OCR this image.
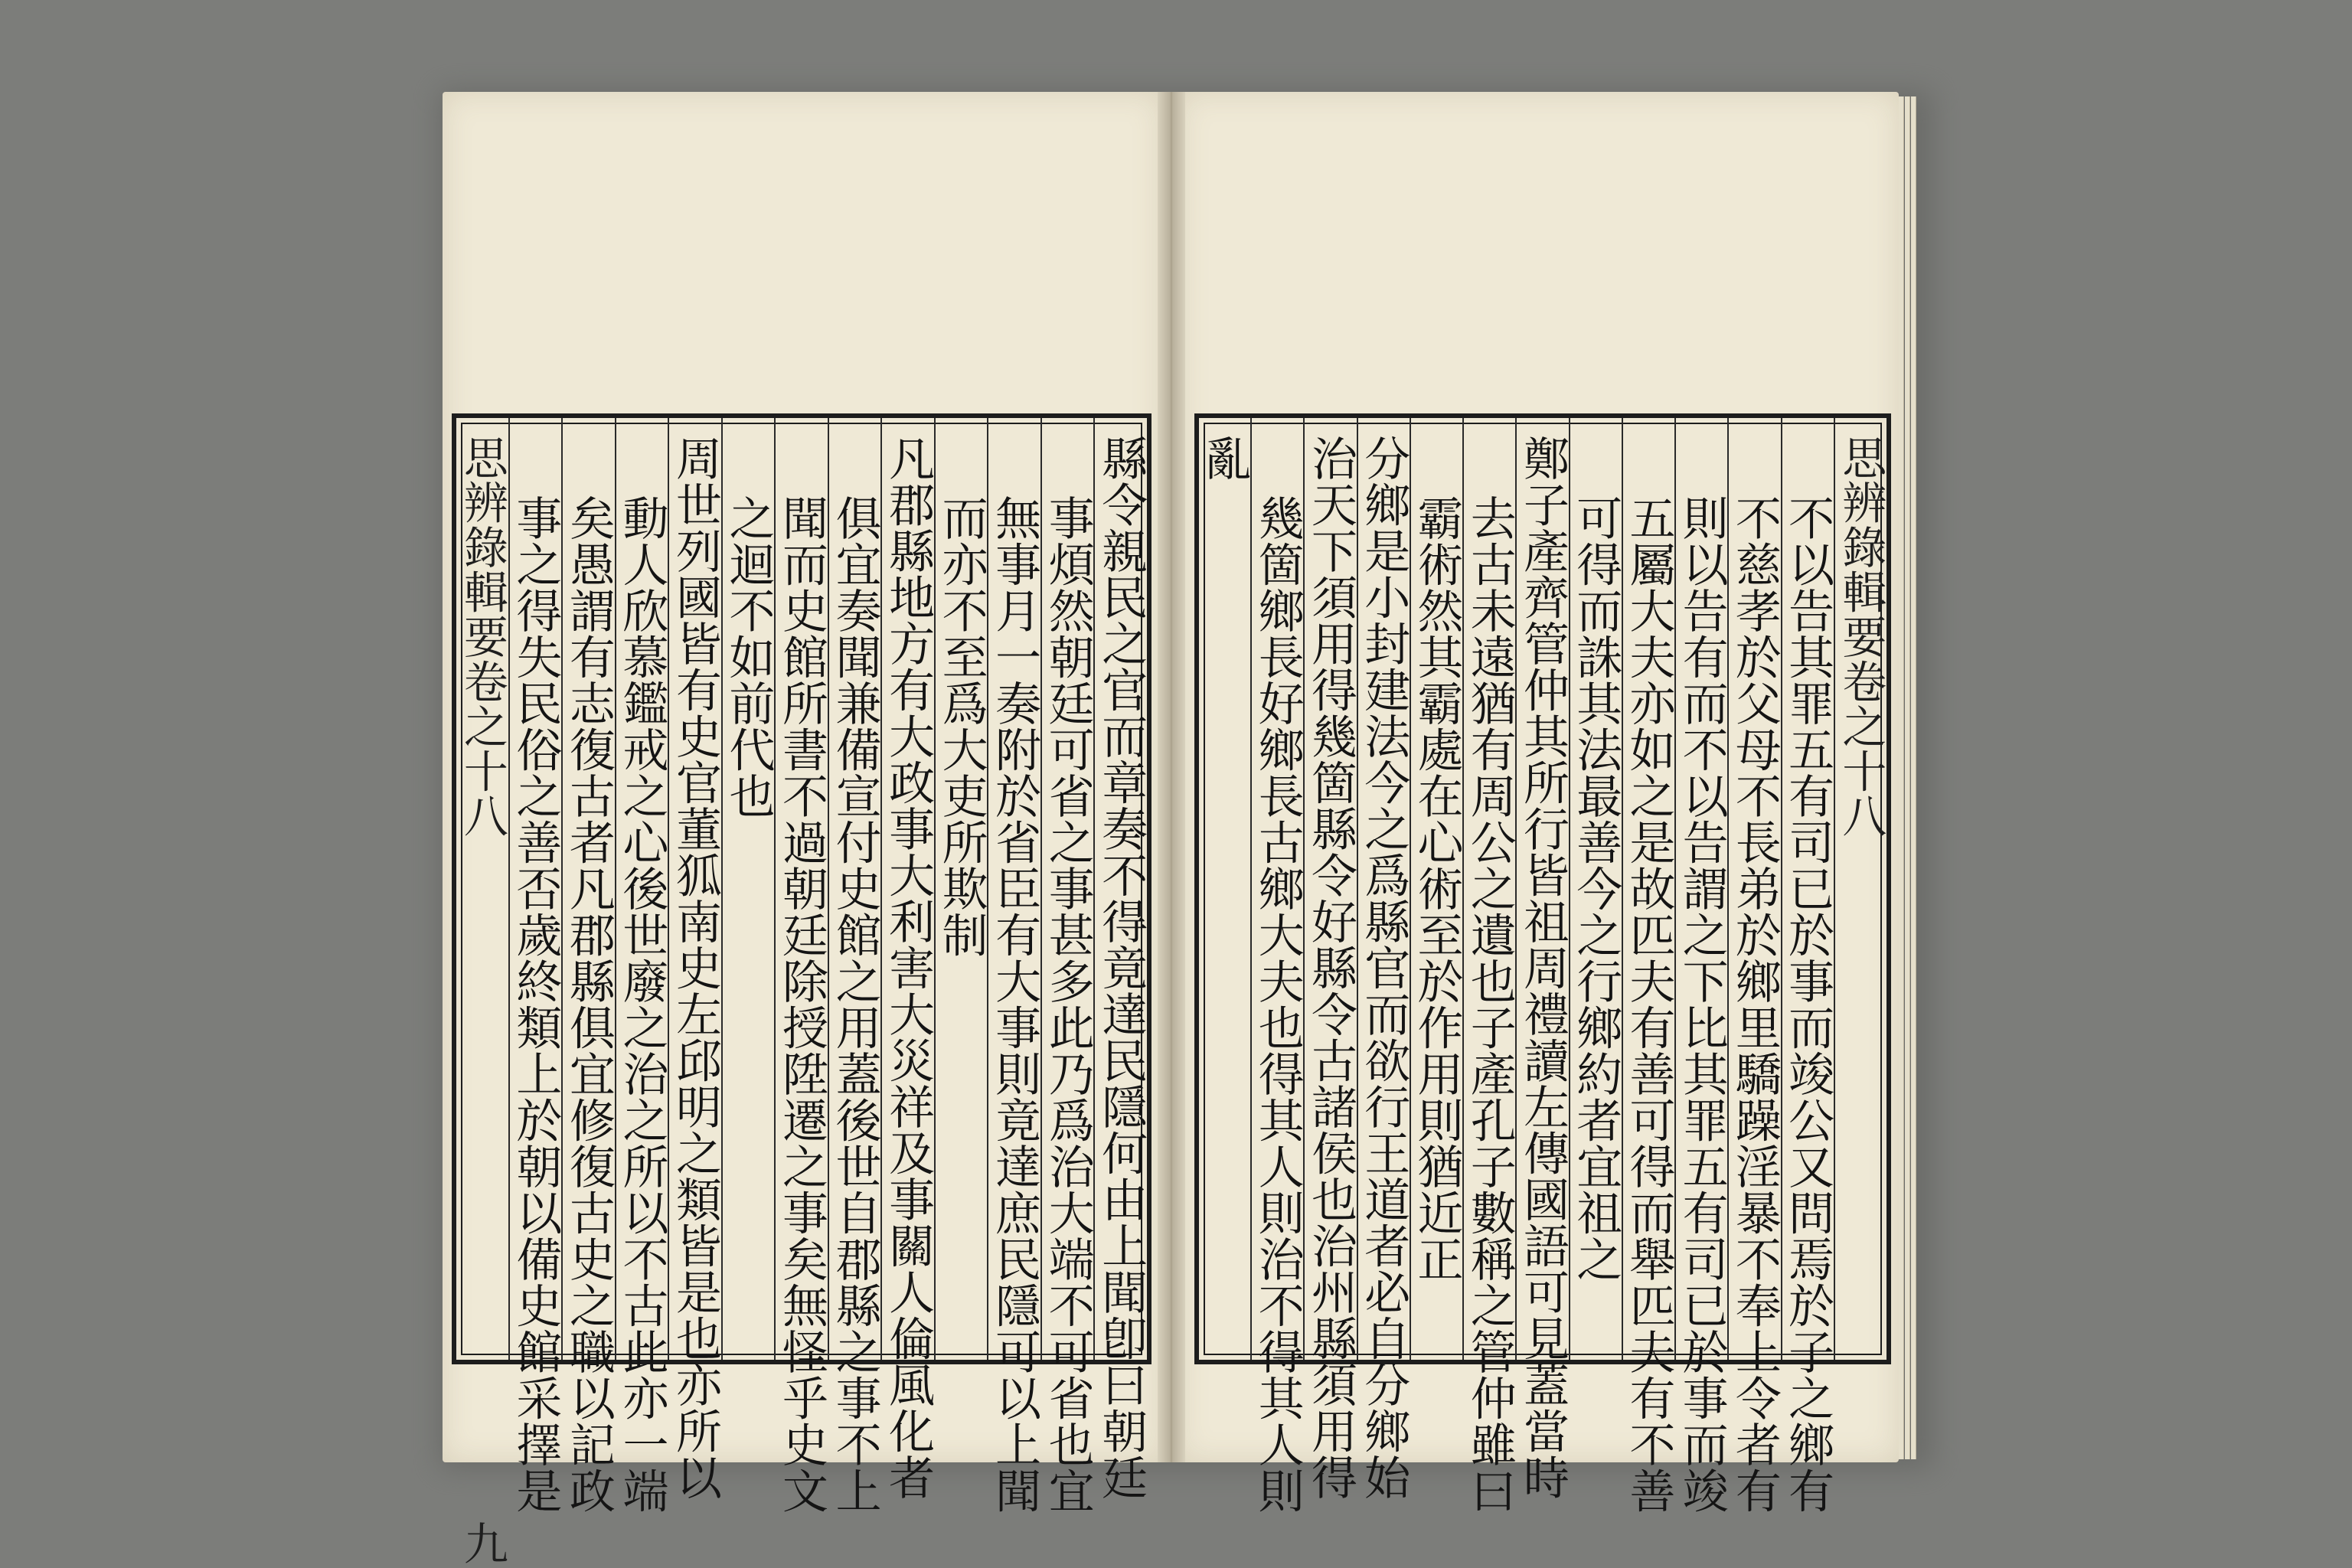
縣令親民之官而章奏不得竟達民隱何由上聞卽曰朝廷
事煩然朝廷可省之事甚多此乃爲治大端不可省也宜
無事月一奏附於省臣有大事則竟達庶民隱可以上聞
而亦不至爲大吏所欺制
凡郡縣地方有大政事大利害大災祥及事關人倫風化者
俱宜奏聞兼備宣付史館之用蓋後世自郡縣之事不上
聞而史館所書不過朝廷除授陞遷之事矣無怪乎史文
之迴不如前代也
周世列國皆有史官董狐南史左邱明之類皆是也亦所以
動人欣慕鑑戒之心後世廢之治之所以不古此亦一端
矣愚謂有志復古者凡郡縣俱宜修復古史之職以記政
事之得失民俗之善否歲終類上於朝以備史館采擇是
思辨錄輯要卷之十八
九
思辨錄輯要卷之十八
不以告其罪五有司已於事而竣公又問焉於子之鄉有
不慈孝於父母不長弟於鄉里驕躁淫暴不奉上令者有
則以告有而不以告謂之下比其罪五有司已於事而竣
五屬大夫亦如之是故匹夫有善可得而舉匹夫有不善
可得而誅其法最善今之行鄉約者宜祖之
鄭子產齊管仲其所行皆祖周禮讀左傳國語可見蓋當時
去古未遠猶有周公之遺也子產孔子數稱之管仲雖曰
霸術然其霸處在心術至於作用則猶近正
分鄉是小封建法今之爲縣官而欲行王道者必自分鄉始
治天下須用得幾箇縣令好縣令古諸侯也治州縣須用得
幾箇鄉長好鄉長古鄉大夫也得其人則治不得其人則
亂
